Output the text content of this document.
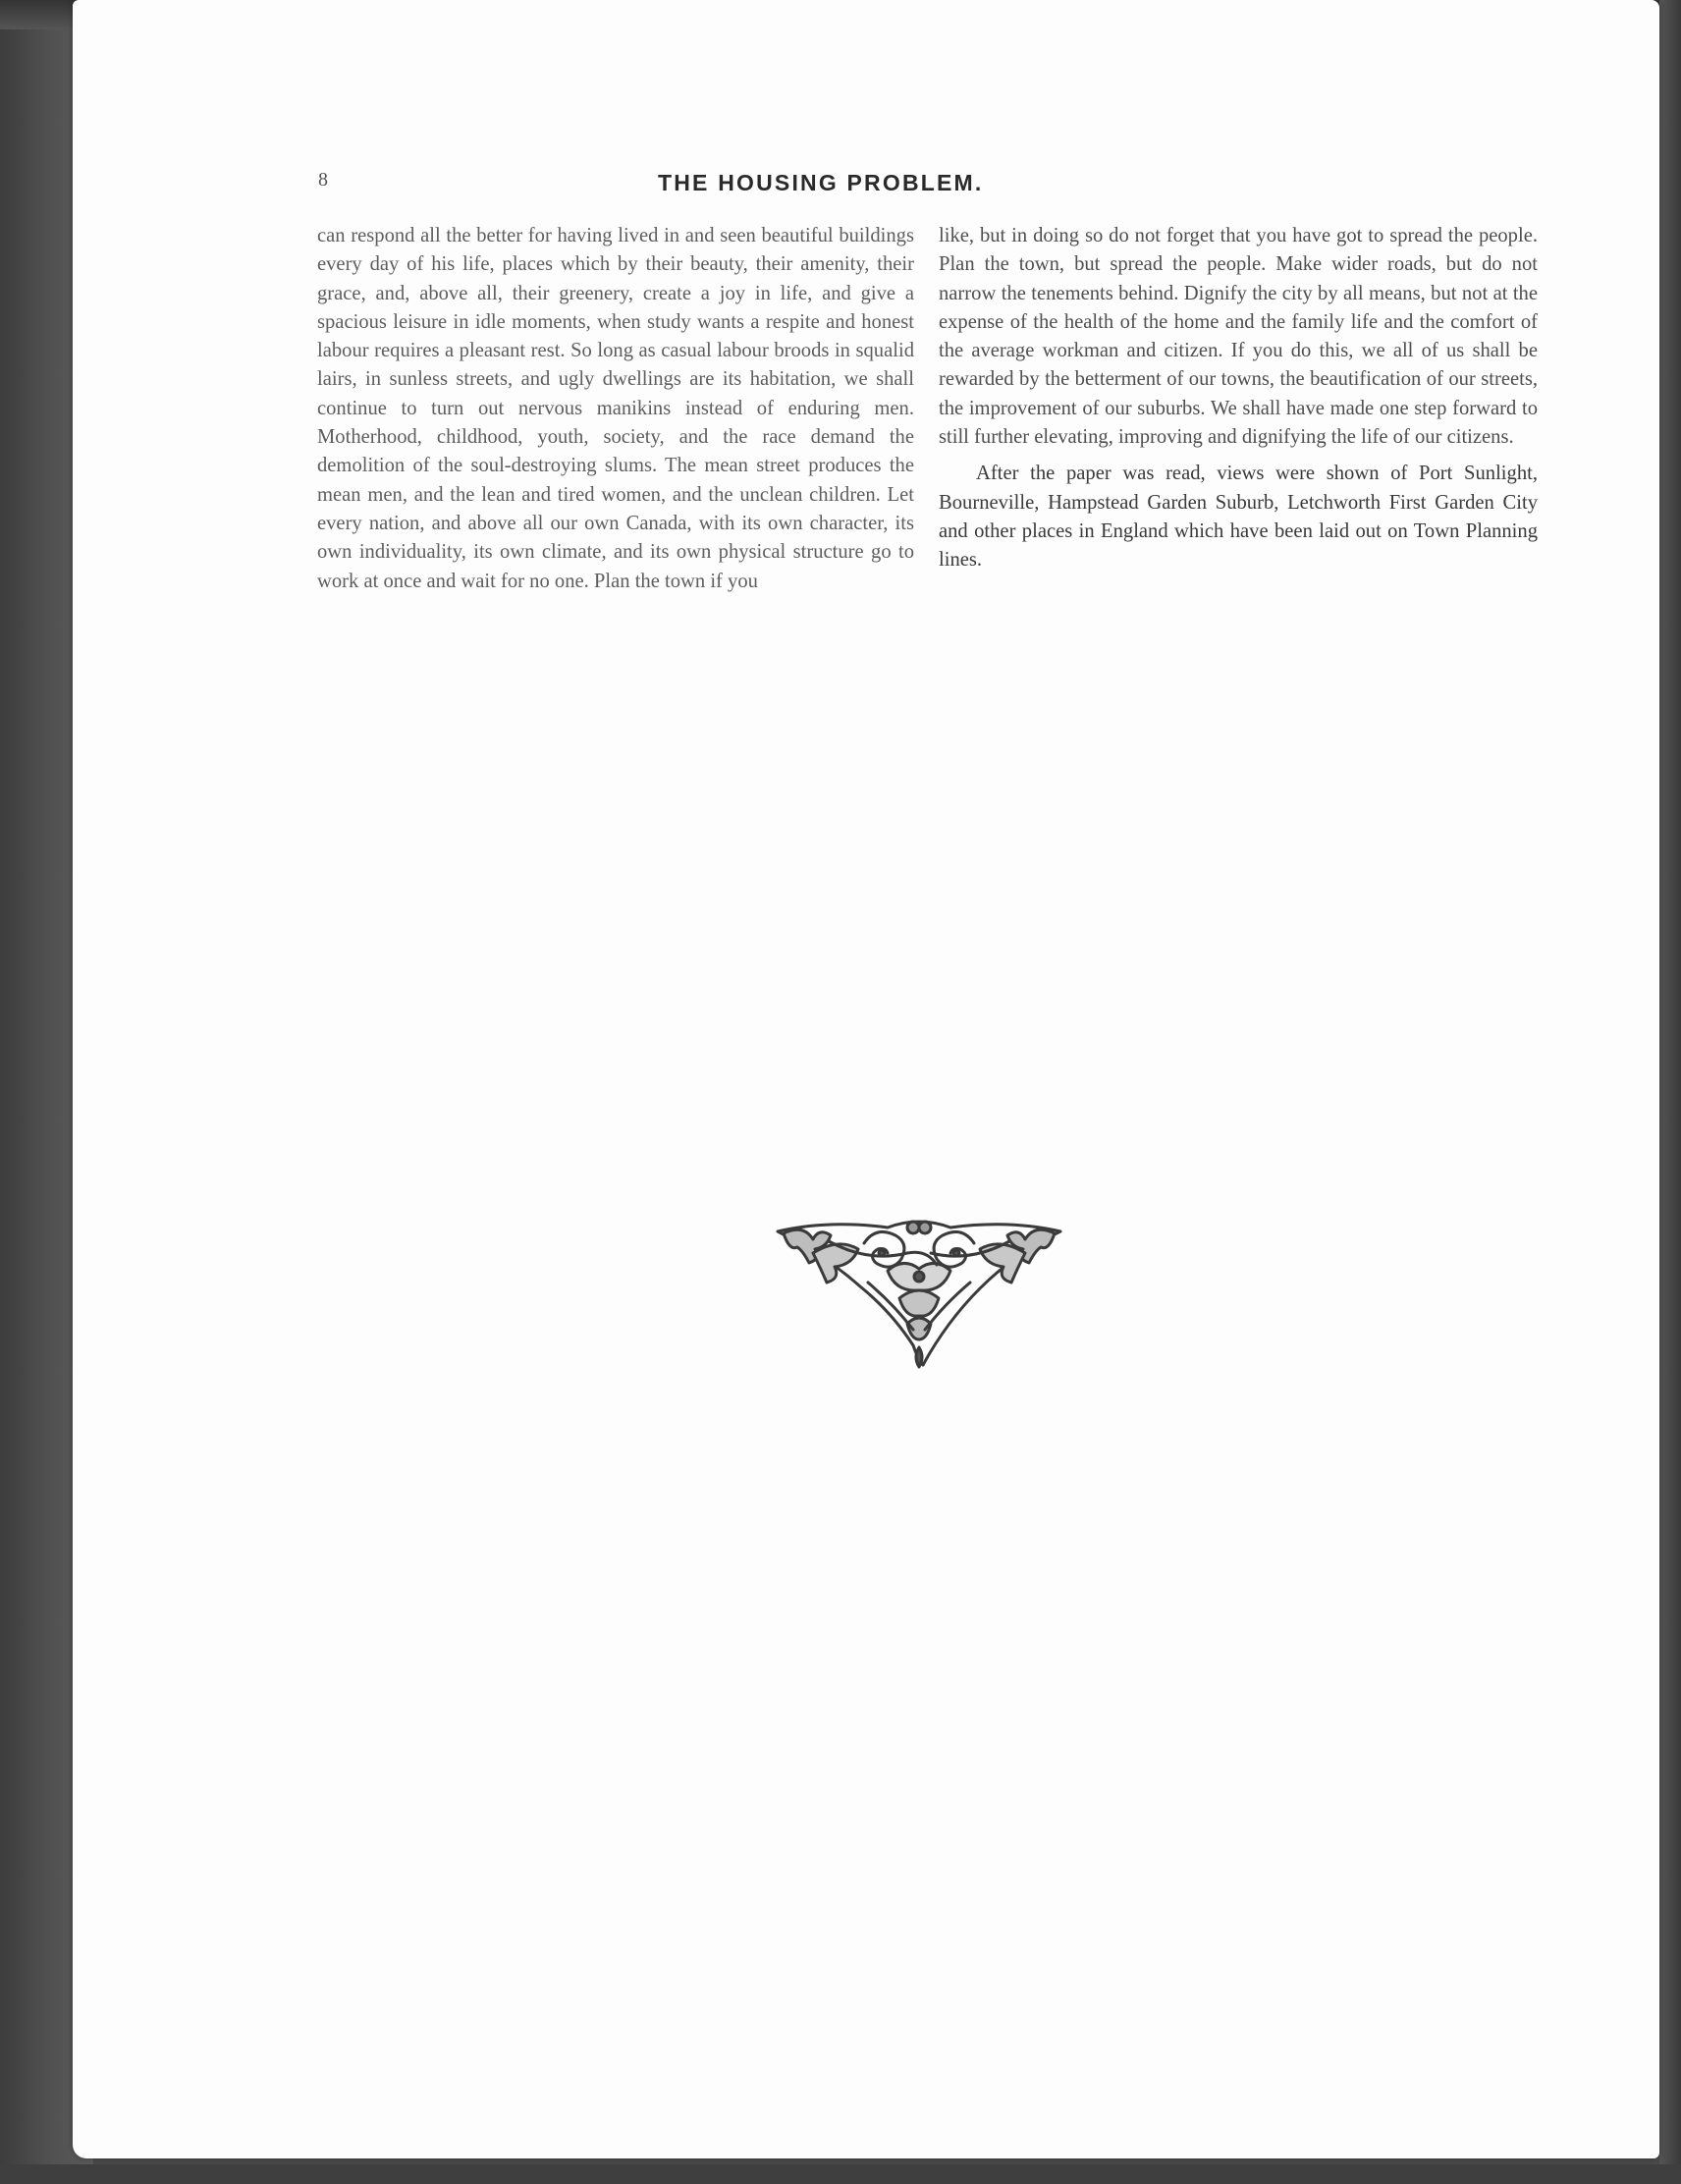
8	THE HOUSING PROBLEM.

can respond all the better for having lived in and seen beautiful buildings every day of his life, places which by their beauty, their amenity, their grace, and, above all, their greenery, create a joy in life, and give a spacious leisure in idle moments, when study wants a respite and honest labour requires a pleasant rest. So long as casual labour broods in squalid lairs, in sunless streets, and ugly dwellings are its habitation, we shall continue to turn out nervous manikins instead of enduring men. Motherhood, childhood, youth, society, and the race demand the demolition of the soul-destroying slums. The mean street produces the mean men, and the lean and tired women, and the unclean children. Let every nation, and above all our own Canada, with its own character, its own individuality, its own climate, and its own physical structure go to work at once and wait for no one. Plan the town if you

like, but in doing so do not forget that you have got to spread the people. Plan the town, but spread the people. Make wider roads, but do not narrow the tenements behind. Dignify the city by all means, but not at the expense of the health of the home and the family life and the comfort of the average workman and citizen. If you do this, we all of us shall be rewarded by the betterment of our towns, the beautification of our streets, the improvement of our suburbs. We shall have made one step forward to still further elevating, improving and dignifying the life of our citizens.

After the paper was read, views were shown of Port Sunlight, Bourneville, Hampstead Garden Suburb, Letchworth First Garden City and other places in England which have been laid out on Town Planning lines.
